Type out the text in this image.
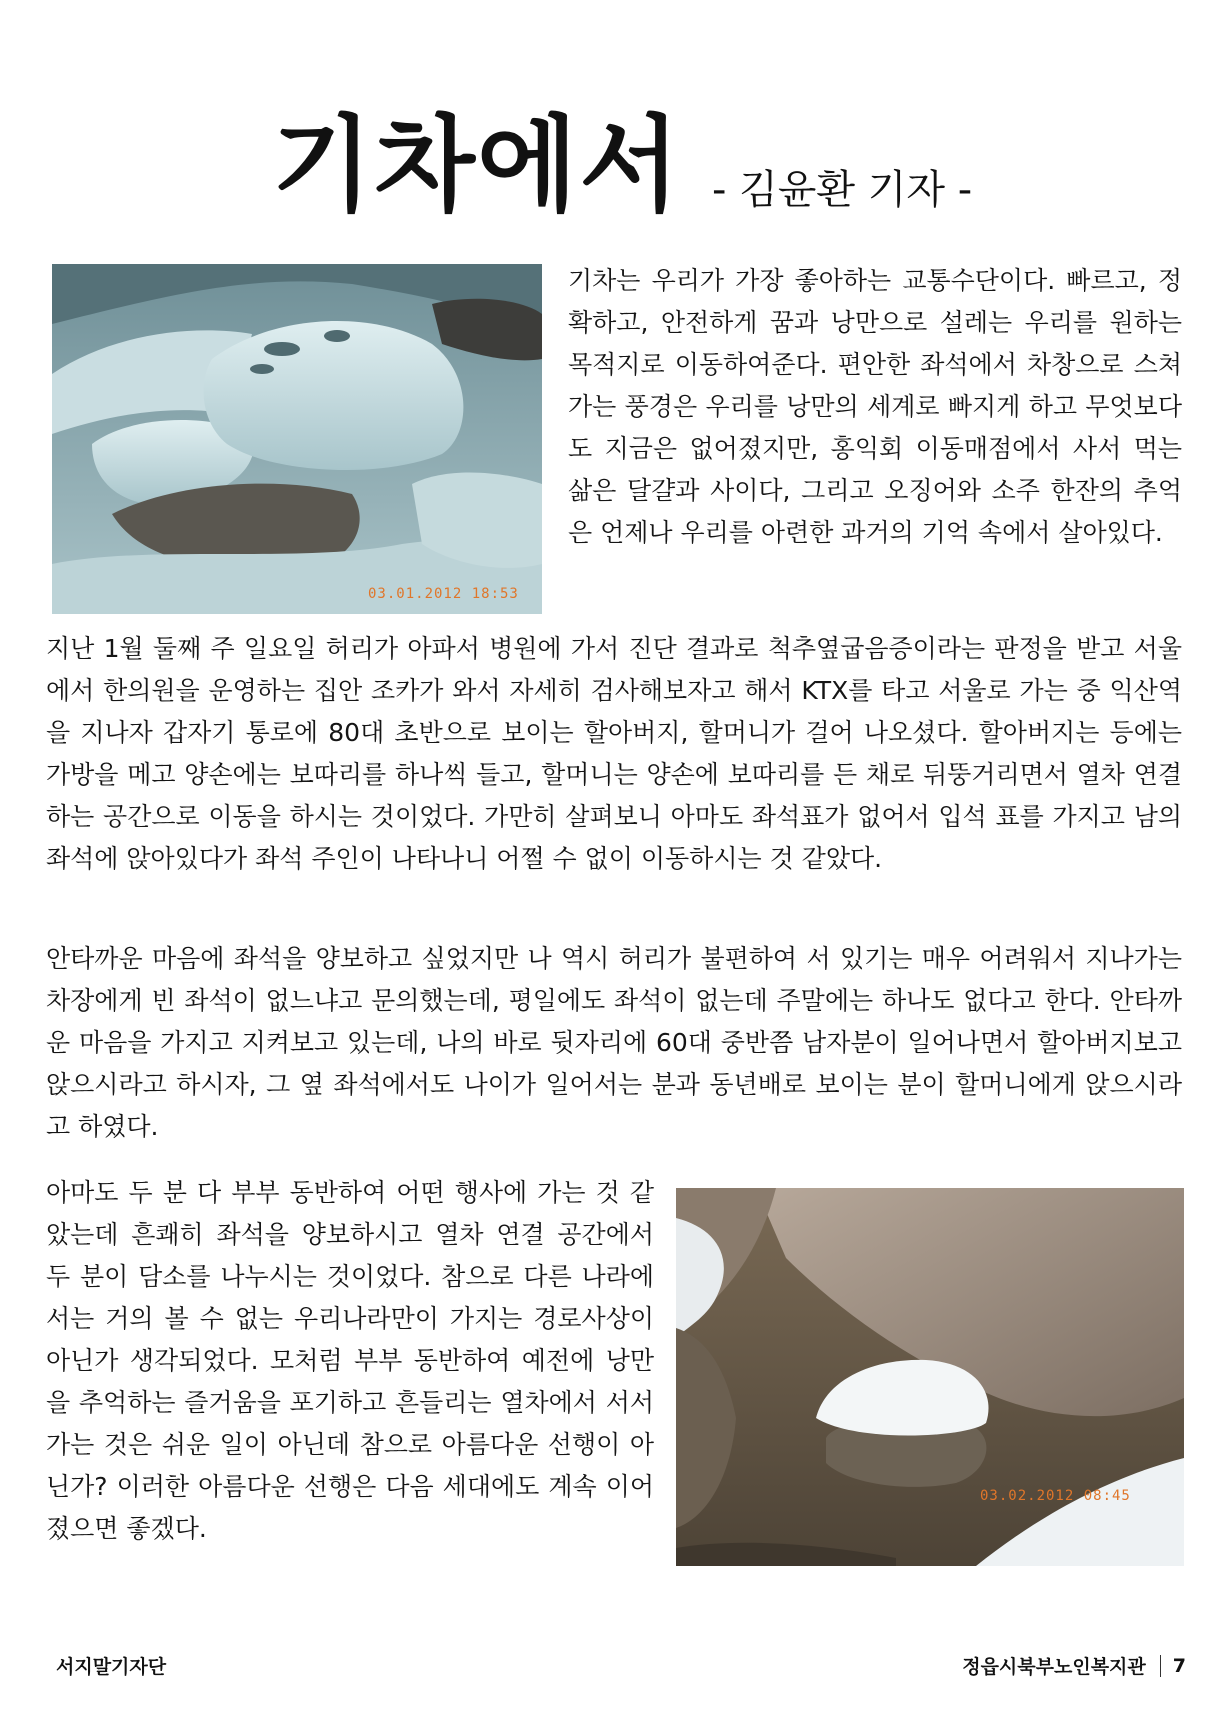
기차에서 - 김윤환 기자 -
03.01.2012 18:53

기차는 우리가 가장 좋아하는 교통수단이다. 빠르고, 정확하고, 안전하게 꿈과 낭만으로 설레는 우리를 원하는 목적지로 이동하여준다. 편안한 좌석에서 차창으로 스쳐 가는 풍경은 우리를 낭만의 세계로 빠지게 하고 무엇보다도 지금은 없어졌지만, 홍익회 이동매점에서 사서 먹는 삶은 달걀과 사이다, 그리고 오징어와 소주 한잔의 추억은 언제나 우리를 아련한 과거의 기억 속에서 살아있다.

지난 1월 둘째 주 일요일 허리가 아파서 병원에 가서 진단 결과로 척추옆굽음증이라는 판정을 받고 서울에서 한의원을 운영하는 집안 조카가 와서 자세히 검사해보자고 해서 KTX를 타고 서울로 가는 중 익산역을 지나자 갑자기 통로에 80대 초반으로 보이는 할아버지, 할머니가 걸어 나오셨다. 할아버지는 등에는 가방을 메고 양손에는 보따리를 하나씩 들고, 할머니는 양손에 보따리를 든 채로 뒤뚱거리면서 열차 연결하는 공간으로 이동을 하시는 것이었다. 가만히 살펴보니 아마도 좌석표가 없어서 입석 표를 가지고 남의 좌석에 앉아있다가 좌석 주인이 나타나니 어쩔 수 없이 이동하시는 것 같았다.

안타까운 마음에 좌석을 양보하고 싶었지만 나 역시 허리가 불편하여 서 있기는 매우 어려워서 지나가는 차장에게 빈 좌석이 없느냐고 문의했는데, 평일에도 좌석이 없는데 주말에는 하나도 없다고 한다. 안타까운 마음을 가지고 지켜보고 있는데, 나의 바로 뒷자리에 60대 중반쯤 남자분이 일어나면서 할아버지보고 앉으시라고 하시자, 그 옆 좌석에서도 나이가 일어서는 분과 동년배로 보이는 분이 할머니에게 앉으시라고 하였다.

아마도 두 분 다 부부 동반하여 어떤 행사에 가는 것 같았는데 흔쾌히 좌석을 양보하시고 열차 연결 공간에서 두 분이 담소를 나누시는 것이었다. 참으로 다른 나라에서는 거의 볼 수 없는 우리나라만이 가지는 경로사상이 아닌가 생각되었다. 모처럼 부부 동반하여 예전에 낭만을 추억하는 즐거움을 포기하고 흔들리는 열차에서 서서 가는 것은 쉬운 일이 아닌데 참으로 아름다운 선행이 아닌가? 이러한 아름다운 선행은 다음 세대에도 계속 이어졌으면 좋겠다.

03.02.2012 08:45
서지말기자단	정읍시북부노인복지관 7
